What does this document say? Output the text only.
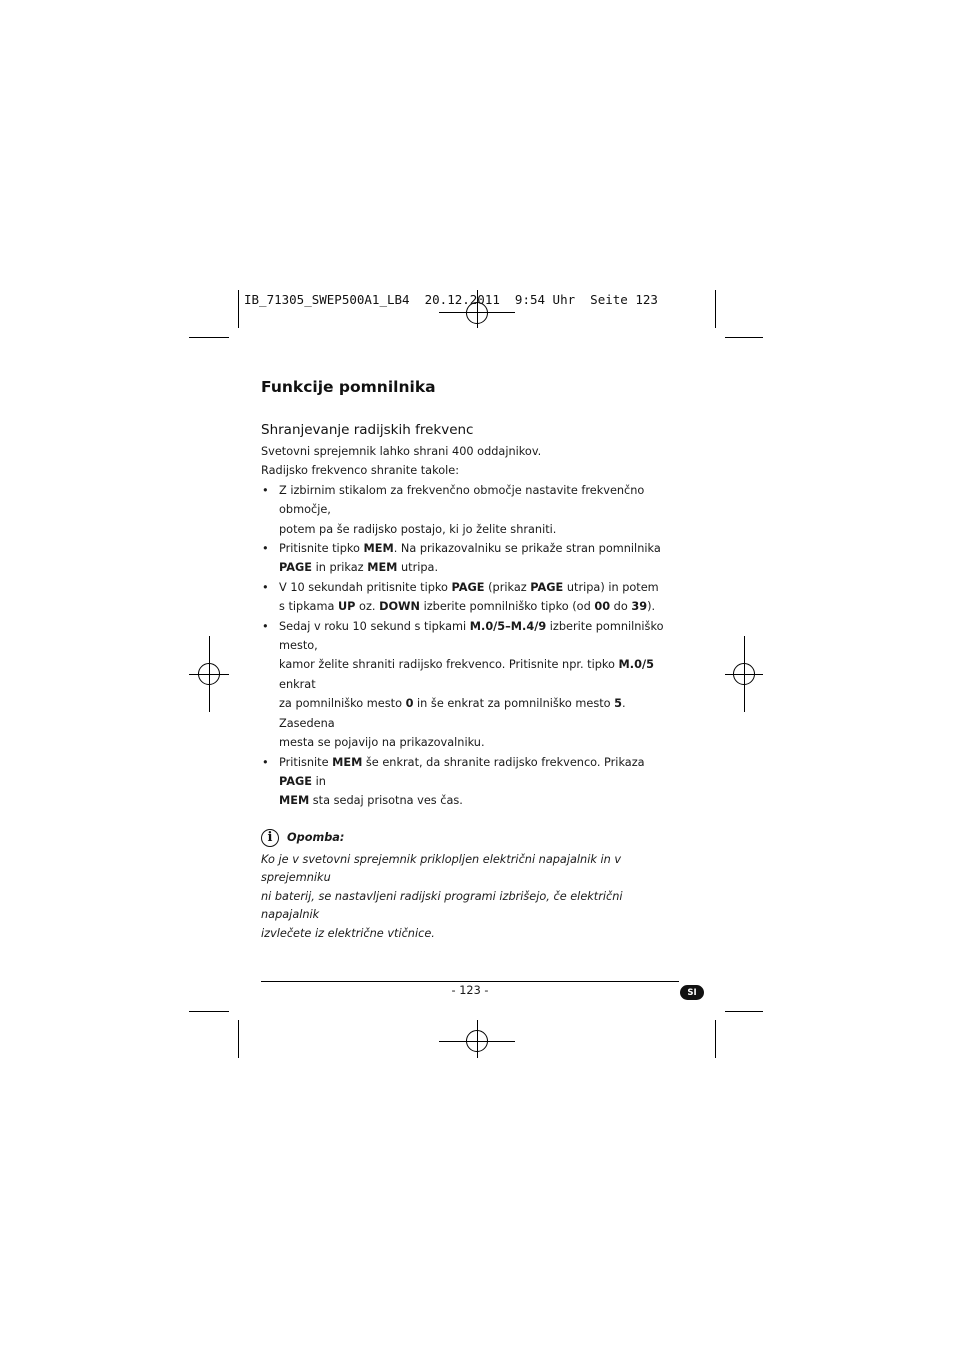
IB_71305_SWEP500A1_LB4  20.12.2011  9:54 Uhr  Seite 123
Funkcije pomnilnika
Shranjevanje radijskih frekvenc

Svetovni sprejemnik lahko shrani 400 oddajnikov.

Radijsko frekvenco shranite takole:

• Z izbirnim stikalom za frekvenčno območje nastavite frekvenčno območje,
potem pa še radijsko postajo, ki jo želite shraniti.
• Pritisnite tipko MEM. Na prikazovalniku se prikaže stran pomnilnika
PAGE in prikaz MEM utripa.
• V 10 sekundah pritisnite tipko PAGE (prikaz PAGE utripa) in potem
s tipkama UP oz. DOWN izberite pomnilniško tipko (od 00 do 39).
• Sedaj v roku 10 sekund s tipkami M.0/5–M.4/9 izberite pomnilniško mesto,
kamor želite shraniti radijsko frekvenco. Pritisnite npr. tipko M.0/5 enkrat
za pomnilniško mesto 0 in še enkrat za pomnilniško mesto 5. Zasedena
mesta se pojavijo na prikazovalniku.
• Pritisnite MEM še enkrat, da shranite radijsko frekvenco. Prikaza PAGE in
MEM sta sedaj prisotna ves čas.
i	Opomba:
Ko je v svetovni sprejemnik priklopljen električni napajalnik in v sprejemniku
ni baterij, se nastavljeni radijski programi izbrišejo, če električni napajalnik
izvlečete iz električne vtičnice.
- 123 -	SI
